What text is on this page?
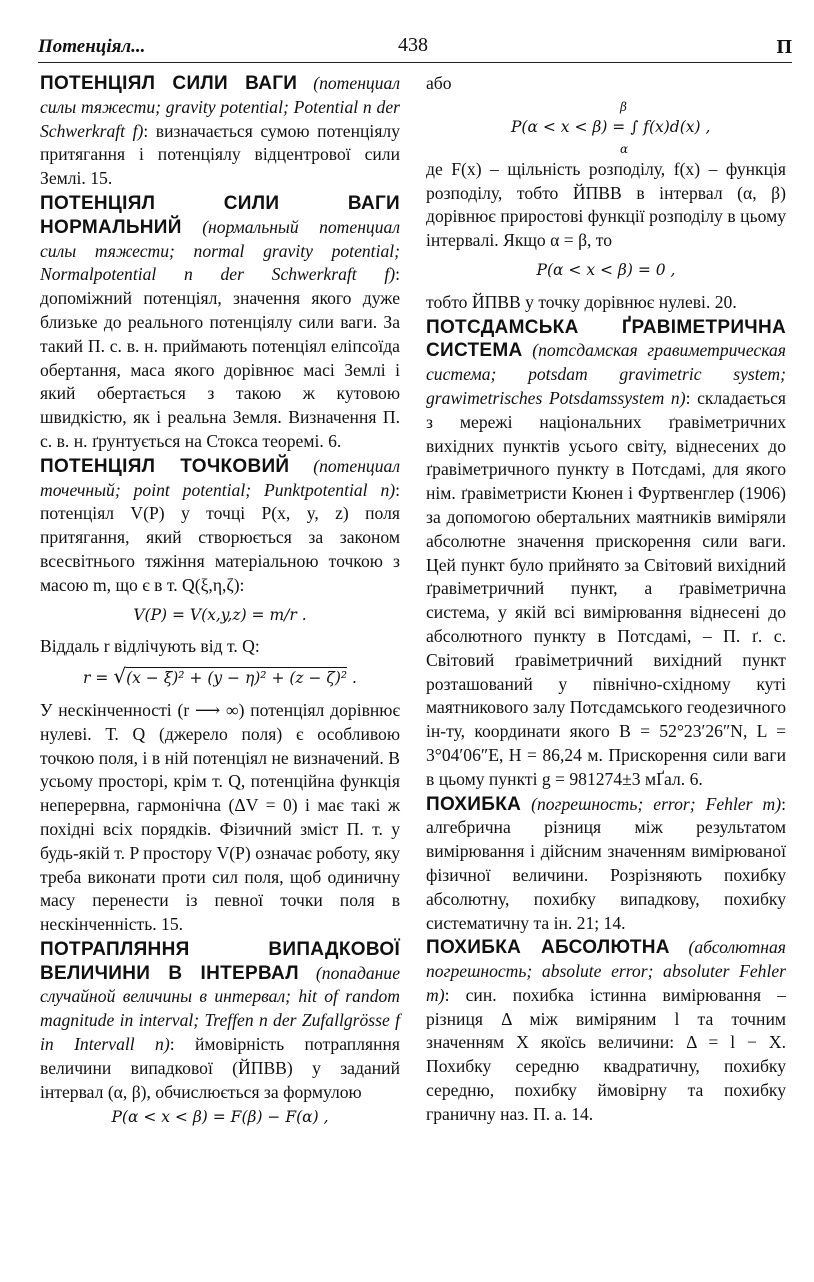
Потенціял...	438	П

ПОТЕНЦІЯЛ СИЛИ ВАГИ (потенциал силы тяжести; gravity potential; Potential n der Schwerkraft f): визначається сумою потенціялу притягання і потенціялу відцентрової сили Землі. 15.

ПОТЕНЦІЯЛ СИЛИ ВАГИ НОРМАЛЬНИЙ (нормальный потенциал силы тяжести; normal gravity potential; Normalpotential n der Schwerkraft f): допоміжний потенціял, значення якого дуже близьке до реального потенціялу сили ваги. За такий П. с. в. н. приймають потенціял еліпсоїда обертання, маса якого дорівнює масі Землі і який обертається з такою ж кутовою швидкістю, як і реальна Земля. Визначення П. с. в. н. ґрунтується на Стокса теоремі. 6.

ПОТЕНЦІЯЛ ТОЧКОВИЙ (потенциал точечный; point potential; Punktpotential n): потенціял V(P) у точці P(x, y, z) поля притягання, який створюється за законом всесвітнього тяжіння матеріальною точкою з масою m, що є в т. Q(ξ,η,ζ):

V(P) = V(x,y,z) = m/r .

Віддаль r відлічують від т. Q:

r = √(x − ξ)² + (y − η)² + (z − ζ)² .

У нескінченності (r ⟶ ∞) потенціял дорівнює нулеві. Т. Q (джерело поля) є особливою точкою поля, і в ній потенціял не визначений. В усьому просторі, крім т. Q, потенційна функція неперервна, гармонічна (ΔV = 0) і має такі ж похідні всіх порядків. Фізичний зміст П. т. у будь-якій т. P простору V(P) означає роботу, яку треба виконати проти сил поля, щоб одиничну масу перенести із певної точки поля в нескінченність. 15.

ПОТРАПЛЯННЯ ВИПАДКОВОЇ ВЕЛИЧИНИ В ІНТЕРВАЛ (попадание случайной величины в интервал; hit of random magnitude in interval; Treffen n der Zufallgrösse f in Intervall n): ймовірність потрапляння величини випадкової (ЙПВВ) у заданий інтервал (α, β), обчислюється за формулою

P(α < x < β) = F(β) − F(α) ,

або

β
P(α < x < β) = ∫ f(x)d(x) ,
α

де F(x) – щільність розподілу, f(x) – функція розподілу, тобто ЙПВВ в інтервал (α, β) дорівнює приростові функції розподілу в цьому інтервалі. Якщо α = β, то

P(α < x < β) = 0 ,

тобто ЙПВВ у точку дорівнює нулеві. 20.

ПОТСДАМСЬКА ҐРАВІМЕТРИЧНА СИСТЕМА (потсдамская гравиметрическая система; potsdam gravimetric system; grawimetrisches Potsdamssystem n): складається з мережі національних ґравіметричних вихідних пунктів усього світу, віднесених до ґравіметричного пункту в Потсдамі, для якого нім. ґравіметристи Кюнен і Фуртвенглер (1906) за допомогою обертальних маятників виміряли абсолютне значення прискорення сили ваги. Цей пункт було прийнято за Світовий вихідний ґравіметричний пункт, а ґравіметрична система, у якій всі вимірювання віднесені до абсолютного пункту в Потсдамі, – П. ґ. с. Світовий ґравіметричний вихідний пункт розташований у північно-східному куті маятникового залу Потсдамського геодезичного ін-ту, координати якого B = 52°23′26″N, L = 3°04′06″E, H = 86,24 м. Прискорення сили ваги в цьому пункті g = 981274±3 мҐал. 6.

ПОХИБКА (погрешность; error; Fehler m): алгебрична різниця між результатом вимірювання і дійсним значенням вимірюваної фізичної величини. Розрізняють похибку абсолютну, похибку випадкову, похибку систематичну та ін. 21; 14.

ПОХИБКА АБСОЛЮТНА (абсолютная погрешность; absolute error; absoluter Fehler m): син. похибка істинна вимірювання – різниця Δ між виміряним l та точним значенням X якоїсь величини: Δ = l − X. Похибку середню квадратичну, похибку середню, похибку ймовірну та похибку граничну наз. П. а. 14.
